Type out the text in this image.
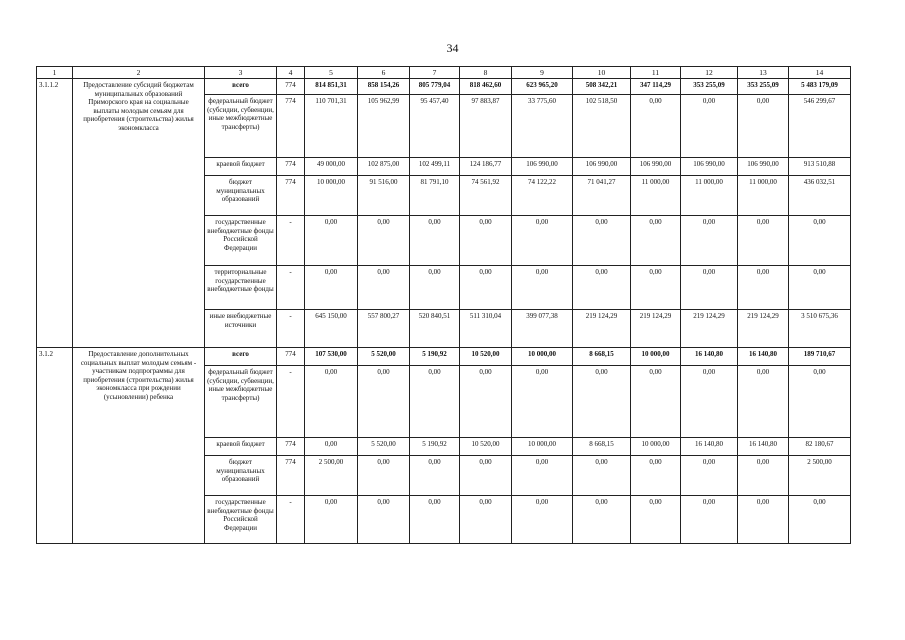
34
1	2	3	4	5	6	7	8	9	10	11	12	13	14
3.1.1.2	Предоставление субсидий бюджетам муниципальных образований Приморского края на социальные выплаты молодым семьям для приобретения (строительства) жилья экономкласса	всего	774	814 851,31	858 154,26	805 779,04	818 462,60	623 965,20	508 342,21	347 114,29	353 255,09	353 255,09	5 483 179,09
		федеральный бюджет (субсидии, субвенции, иные межбюджетные трансферты)	774	110 701,31	105 962,99	95 457,40	97 883,87	33 775,60	102 518,50	0,00	0,00	0,00	546 299,67
		краевой бюджет	774	49 000,00	102 875,00	102 499,11	124 186,77	106 990,00	106 990,00	106 990,00	106 990,00	106 990,00	913 510,88
		бюджет муниципальных образований	774	10 000,00	91 516,00	81 791,10	74 561,92	74 122,22	71 041,27	11 000,00	11 000,00	11 000,00	436 032,51
		государственные внебюджетные фонды Российской Федерации	-	0,00	0,00	0,00	0,00	0,00	0,00	0,00	0,00	0,00	0,00
		территориальные государственные внебюджетные фонды	-	0,00	0,00	0,00	0,00	0,00	0,00	0,00	0,00	0,00	0,00
		иные внебюджетные источники	-	645 150,00	557 800,27	520 840,51	511 310,04	399 077,38	219 124,29	219 124,29	219 124,29	219 124,29	3 510 675,36
3.1.2	Предоставление дополнительных социальных выплат молодым семьям - участникам подпрограммы для приобретения (строительства) жилья экономкласса при рождении (усыновлении) ребенка	всего	774	107 530,00	5 520,00	5 190,92	10 520,00	10 000,00	8 668,15	10 000,00	16 140,80	16 140,80	189 710,67
		федеральный бюджет (субсидии, субвенции, иные межбюджетные трансферты)	-	0,00	0,00	0,00	0,00	0,00	0,00	0,00	0,00	0,00	0,00
		краевой бюджет	774	0,00	5 520,00	5 190,92	10 520,00	10 000,00	8 668,15	10 000,00	16 140,80	16 140,80	82 180,67
		бюджет муниципальных образований	774	2 500,00	0,00	0,00	0,00	0,00	0,00	0,00	0,00	0,00	2 500,00
		государственные внебюджетные фонды Российской Федерации	-	0,00	0,00	0,00	0,00	0,00	0,00	0,00	0,00	0,00	0,00
